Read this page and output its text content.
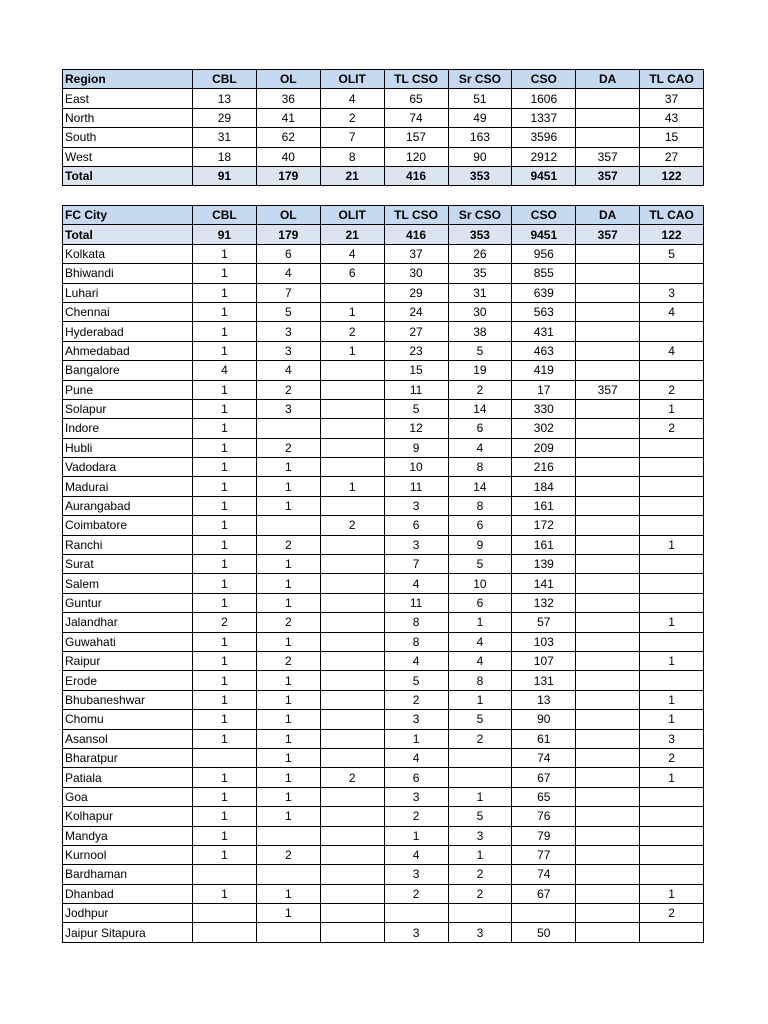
Region	CBL	OL	OLIT	TL CSO	Sr CSO	CSO	DA	TL CAO
East	13	36	4	65	51	1606		37
North	29	41	2	74	49	1337		43
South	31	62	7	157	163	3596		15
West	18	40	8	120	90	2912	357	27
Total	91	179	21	416	353	9451	357	122
FC City	CBL	OL	OLIT	TL CSO	Sr CSO	CSO	DA	TL CAO
Total	91	179	21	416	353	9451	357	122
Kolkata	1	6	4	37	26	956		5
Bhiwandi	1	4	6	30	35	855		
Luhari	1	7		29	31	639		3
Chennai	1	5	1	24	30	563		4
Hyderabad	1	3	2	27	38	431		
Ahmedabad	1	3	1	23	5	463		4
Bangalore	4	4		15	19	419		
Pune	1	2		11	2	17	357	2
Solapur	1	3		5	14	330		1
Indore	1			12	6	302		2
Hubli	1	2		9	4	209		
Vadodara	1	1		10	8	216		
Madurai	1	1	1	11	14	184		
Aurangabad	1	1		3	8	161		
Coimbatore	1		2	6	6	172		
Ranchi	1	2		3	9	161		1
Surat	1	1		7	5	139		
Salem	1	1		4	10	141		
Guntur	1	1		11	6	132		
Jalandhar	2	2		8	1	57		1
Guwahati	1	1		8	4	103		
Raipur	1	2		4	4	107		1
Erode	1	1		5	8	131		
Bhubaneshwar	1	1		2	1	13		1
Chomu	1	1		3	5	90		1
Asansol	1	1		1	2	61		3
Bharatpur		1		4		74		2
Patiala	1	1	2	6		67		1
Goa	1	1		3	1	65		
Kolhapur	1	1		2	5	76		
Mandya	1			1	3	79		
Kurnool	1	2		4	1	77		
Bardhaman				3	2	74		
Dhanbad	1	1		2	2	67		1
Jodhpur		1						2
Jaipur Sitapura				3	3	50		
